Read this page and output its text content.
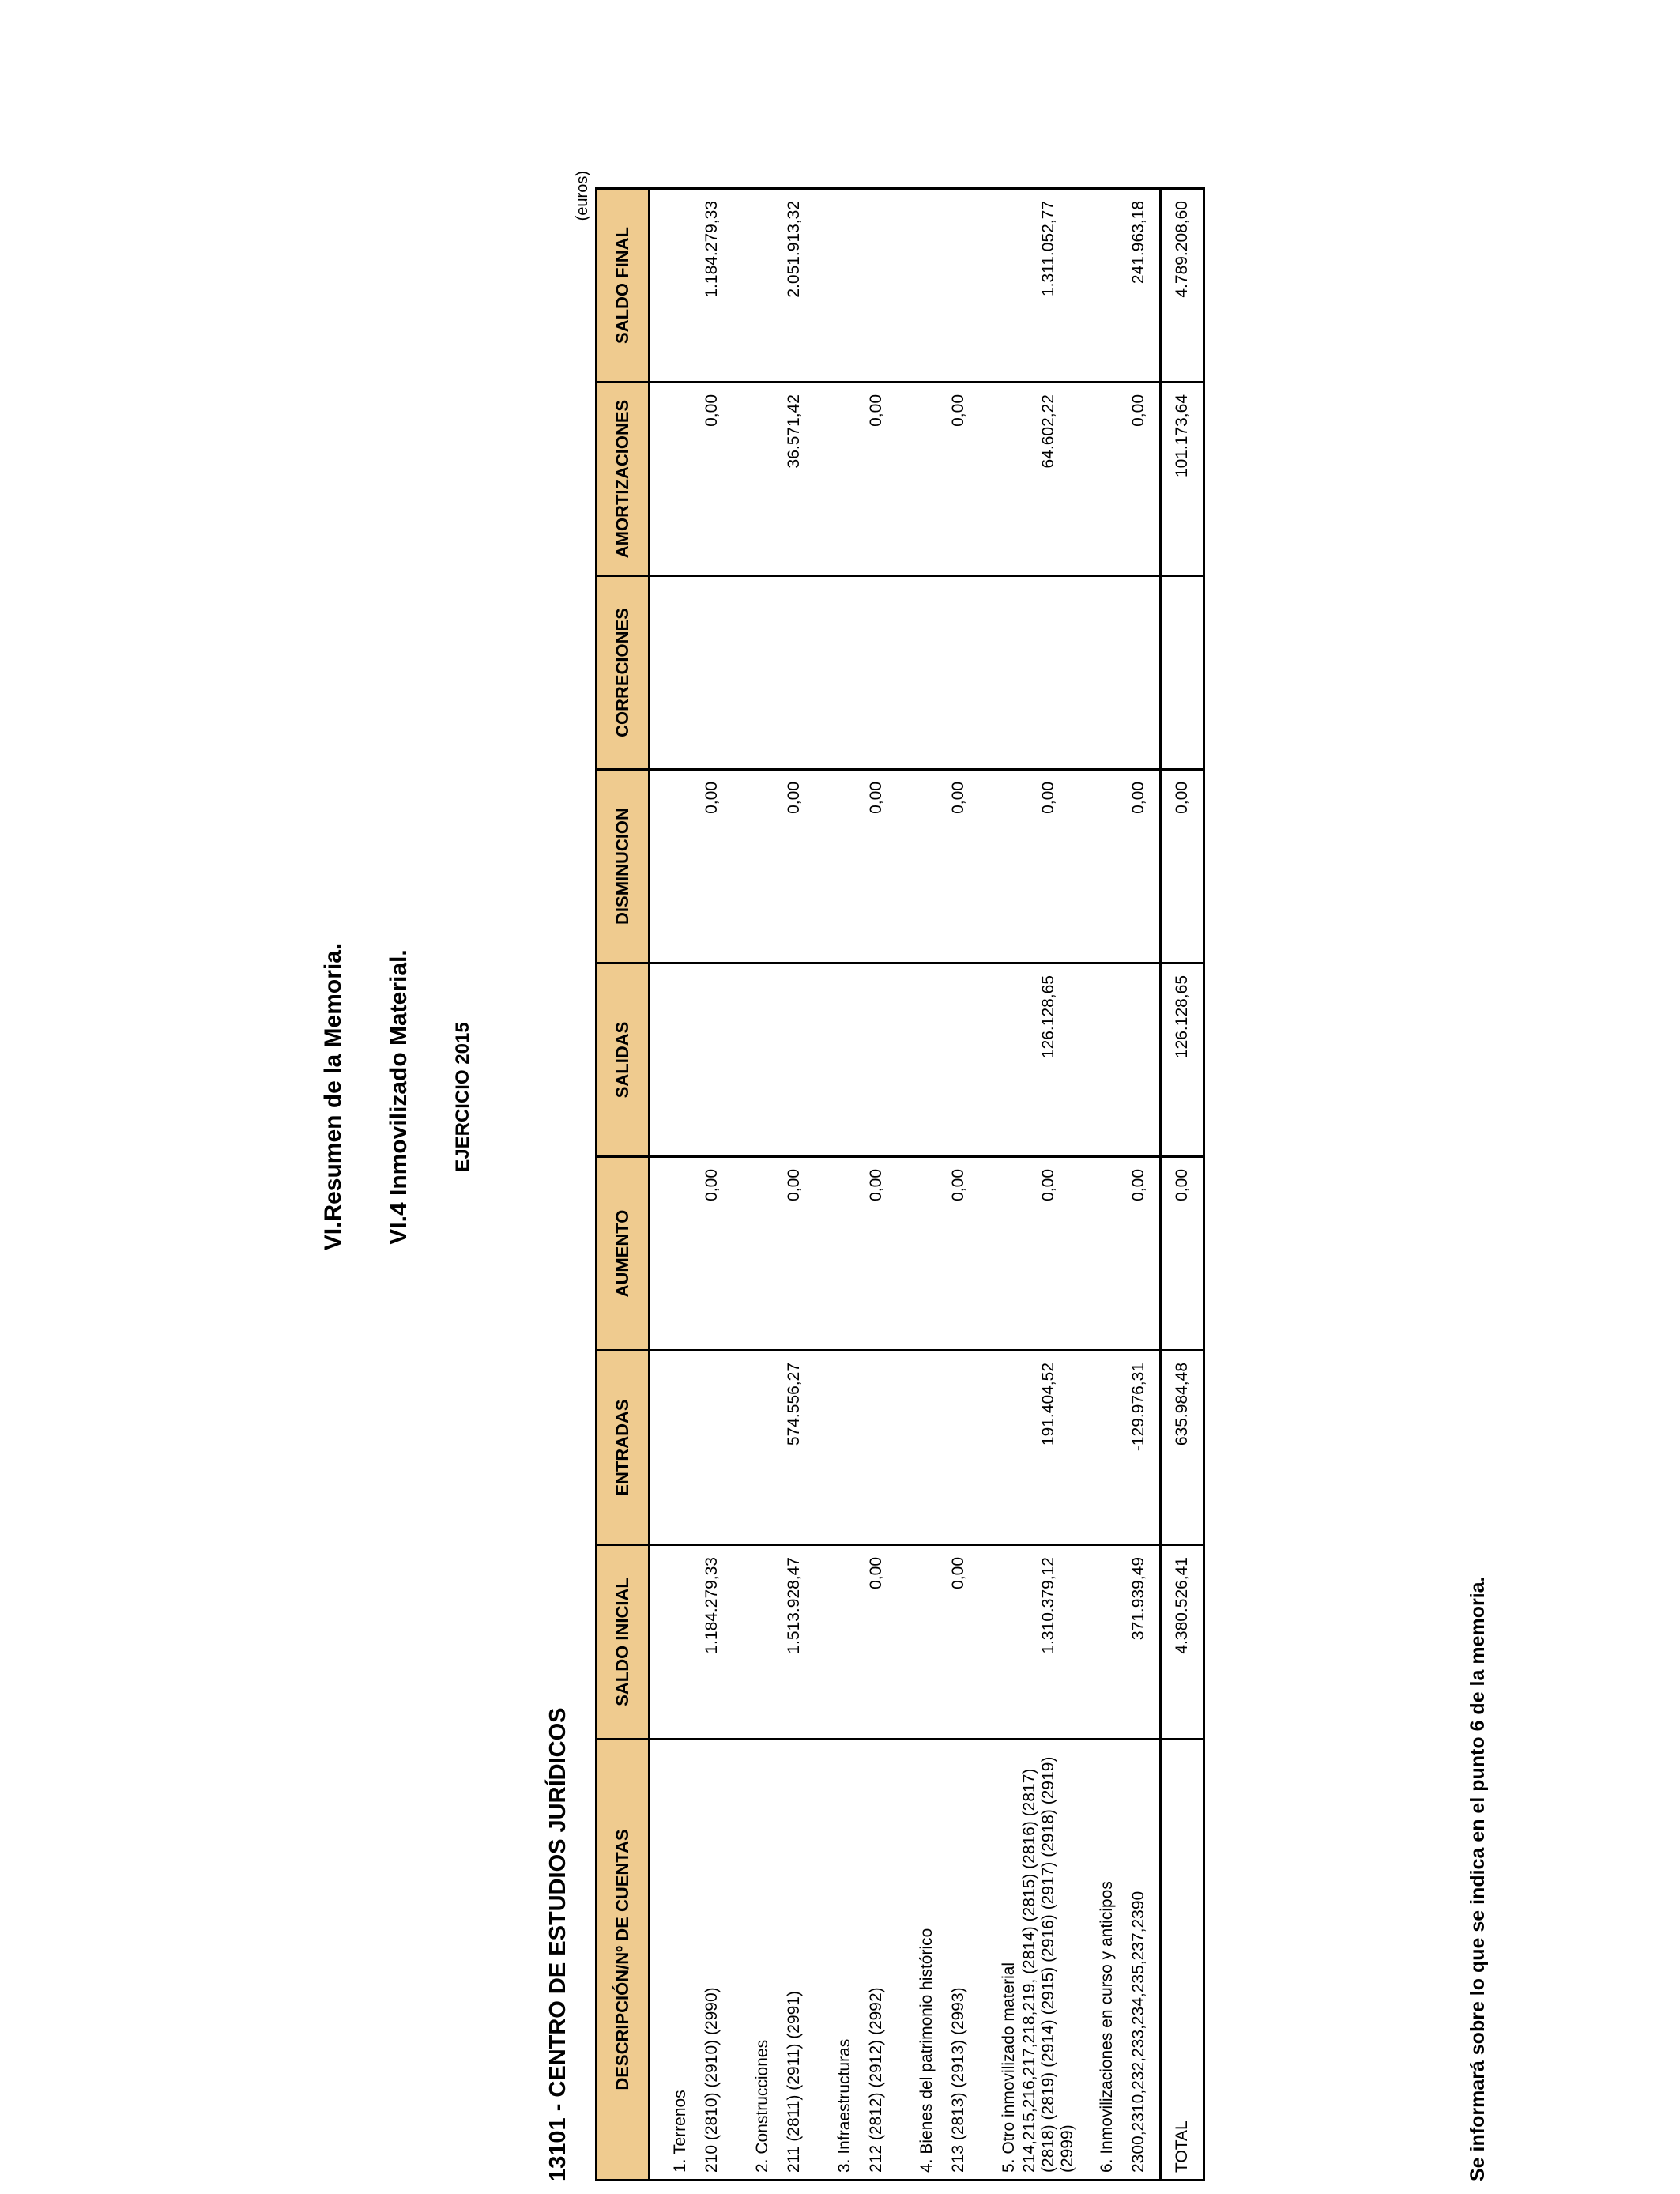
VI.Resumen de la Memoria. VI.4 Inmovilizado Material. EJERCICIO 2015
13101 - CENTRO DE ESTUDIOS JURÍDICOS
(euros)
DESCRIPCIÓN/Nº DE CUENTAS	SALDO INICIAL	ENTRADAS	AUMENTO	SALIDAS	DISMINUCION	CORRECIONES	AMORTIZACIONES	SALDO FINAL
1. Terrenos								
210 (2810) (2910) (2990)	1.184.279,33		0,00		0,00		0,00	1.184.279,33
2. Construcciones								
211 (2811) (2911) (2991)	1.513.928,47	574.556,27	0,00		0,00		36.571,42	2.051.913,32
3. Infraestructuras								
212 (2812) (2912) (2992)	0,00		0,00		0,00		0,00	
4. Bienes del patrimonio histórico								
213 (2813) (2913) (2993)	0,00		0,00		0,00		0,00	
5. Otro inmovilizado material								

214,215,216,217,218,219, (2814) (2815) (2816) (2817) (2818) (2819) (2914) (2915) (2916) (2917) (2918) (2919) (2999)	1.310.379,12	191.404,52	0,00	126.128,65	0,00		64.602,22	1.311.052,77
6. Inmovilizaciones en curso y anticipos								
2300,2310,232,233,234,235,237,2390	371.939,49	-129.976,31	0,00		0,00		0,00	241.963,18
TOTAL	4.380.526,41	635.984,48	0,00	126.128,65	0,00		101.173,64	4.789.208,60
Se informará sobre lo que se indica en el punto 6 de la memoria.
